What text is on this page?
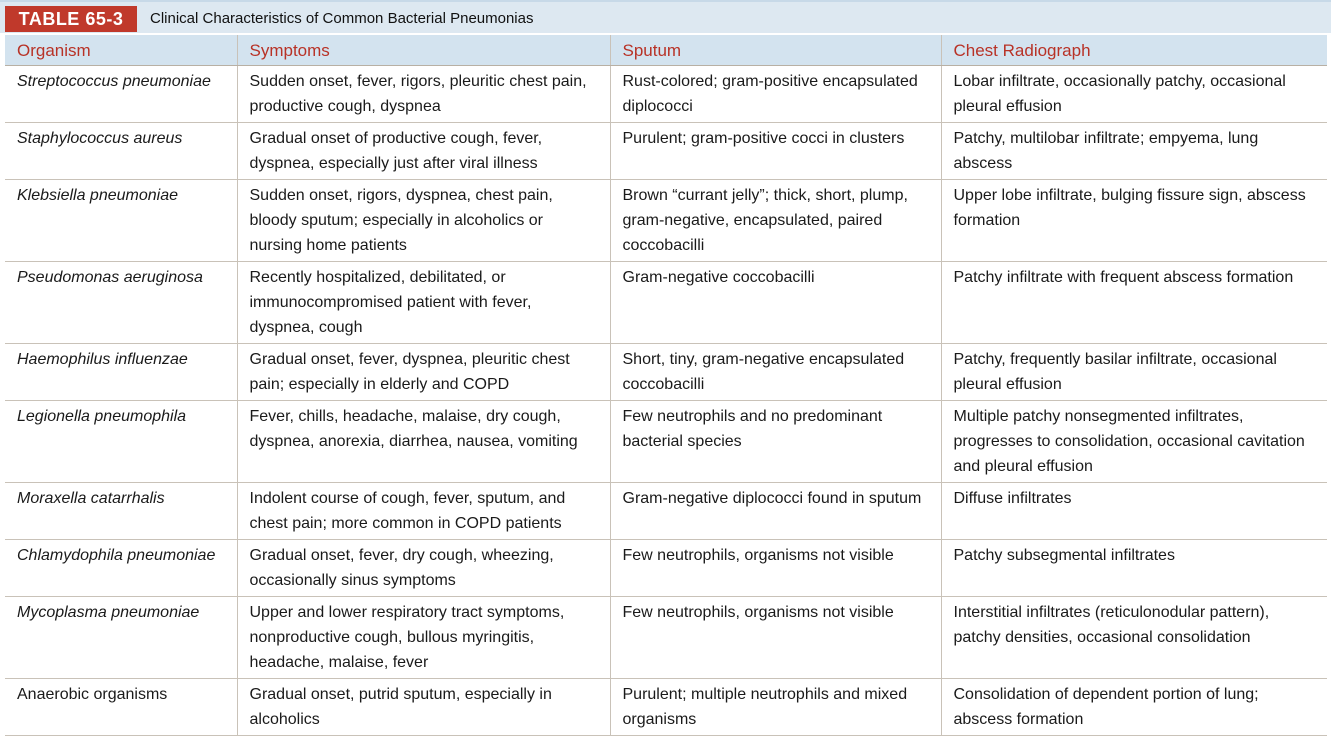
TABLE 65-3	Clinical Characteristics of Common Bacterial Pneumonias
Organism	Symptoms	Sputum	Chest Radiograph
Streptococcus pneumoniae	Sudden onset, fever, rigors, pleuritic chest pain, productive cough, dyspnea	Rust-colored; gram-positive encapsulated diplococci	Lobar infiltrate, occasionally patchy, occasional pleural effusion
Staphylococcus aureus	Gradual onset of productive cough, fever, dyspnea, especially just after viral illness	Purulent; gram-positive cocci in clusters	Patchy, multilobar infiltrate; empyema, lung abscess
Klebsiella pneumoniae	Sudden onset, rigors, dyspnea, chest pain, bloody sputum; especially in alcoholics or nursing home patients	Brown “currant jelly”; thick, short, plump, gram-negative, encapsulated, paired coccobacilli	Upper lobe infiltrate, bulging fissure sign, abscess formation
Pseudomonas aeruginosa	Recently hospitalized, debilitated, or immunocompromised patient with fever, dyspnea, cough	Gram-negative coccobacilli	Patchy infiltrate with frequent abscess formation
Haemophilus influenzae	Gradual onset, fever, dyspnea, pleuritic chest pain; especially in elderly and COPD	Short, tiny, gram-negative encapsulated coccobacilli	Patchy, frequently basilar infiltrate, occasional pleural effusion
Legionella pneumophila	Fever, chills, headache, malaise, dry cough, dyspnea, anorexia, diarrhea, nausea, vomiting	Few neutrophils and no predominant bacterial species	Multiple patchy nonsegmented infiltrates, progresses to consolidation, occasional cavitation and pleural effusion
Moraxella catarrhalis	Indolent course of cough, fever, sputum, and chest pain; more common in COPD patients	Gram-negative diplococci found in sputum	Diffuse infiltrates
Chlamydophila pneumoniae	Gradual onset, fever, dry cough, wheezing, occasionally sinus symptoms	Few neutrophils, organisms not visible	Patchy subsegmental infiltrates
Mycoplasma pneumoniae	Upper and lower respiratory tract symptoms, nonproductive cough, bullous myringitis, headache, malaise, fever	Few neutrophils, organisms not visible	Interstitial infiltrates (reticulonodular pattern), patchy densities, occasional consolidation
Anaerobic organisms	Gradual onset, putrid sputum, especially in alcoholics	Purulent; multiple neutrophils and mixed organisms	Consolidation of dependent portion of lung; abscess formation
